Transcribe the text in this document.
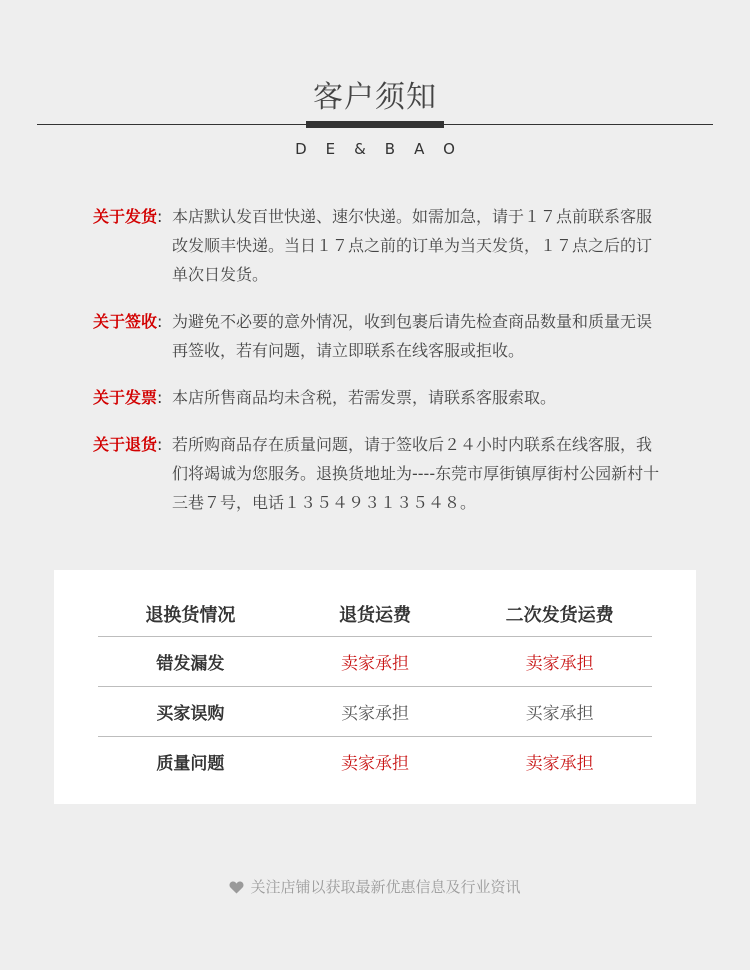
客户须知
DE&BAO
关于发货: 本店默认发百世快递、速尔快递。如需加急，请于１７点前联系客服
改发顺丰快递。当日１７点之前的订单为当天发货，１７点之后的订
单次日发货。
关于签收: 为避免不必要的意外情况，收到包裹后请先检查商品数量和质量无误
再签收，若有问题，请立即联系在线客服或拒收。
关于发票: 本店所售商品均未含税，若需发票，请联系客服索取。
关于退货: 若所购商品存在质量问题，请于签收后２４小时内联系在线客服，我
们将竭诚为您服务。退换货地址为----东莞市厚街镇厚街村公园新村十
三巷７号，电话１３５４９３１３５４８。
退换货情况	退货运费	二次发货运费
错发漏发	卖家承担	卖家承担
买家误购	买家承担	买家承担
质量问题	卖家承担	卖家承担
关注店铺以获取最新优惠信息及行业资讯
